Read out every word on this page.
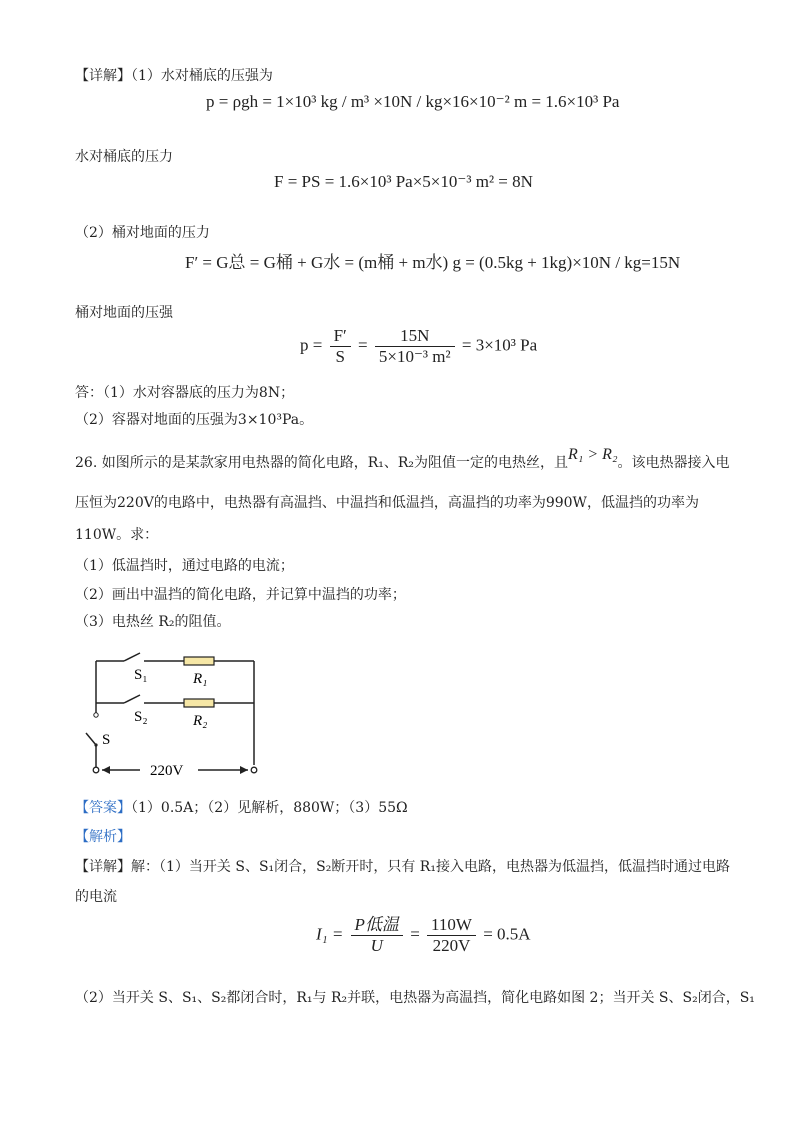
【详解】（1）水对桶底的压强为
p = ρgh = 1×10³ kg / m³ ×10N / kg×16×10⁻² m = 1.6×10³ Pa
水对桶底的压力
F = PS = 1.6×10³ Pa×5×10⁻³ m² = 8N
（2）桶对地面的压力
F′ = G总 = G桶 + G水 = (m桶 + m水) g = (0.5kg + 1kg)×10N / kg=15N
桶对地面的压强
$p = \frac{F'}{S} = \frac{15N}{\text{5×10⁻³ m²}} = 3\times 10^3$ Pa
答：（1）水对容器底的压力为8N；
（2）容器对地面的压强为3×10³Pa。
26. 如图所示的是某款家用电热器的简化电路，R₁、R₂为阻值一定的电热丝，且R₁ > R₂。该电热器接入电
压恒为220V的电路中，电热器有高温挡、中温挡和低温挡，高温挡的功率为990W，低温挡的功率为
110W。求：
（1）低温挡时，通过电路的电流；
（2）画出中温挡的简化电路，并记算中温挡的功率；
（3）电热丝 R₂的阻值。
S₁	R₁
S₂	R₂
S
220V
【答案】（1）0.5A；（2）见解析，880W；（3）55Ω
【解析】
【详解】解：（1）当开关 S、S₁闭合，S₂断开时，只有 R₁接入电路，电热器为低温挡，低温挡时通过电路
的电流
$I_1 = \frac{\text{P低温}}{U} = \frac{110W}{220V} = 0.5A$
（2）当开关 S、S₁、S₂都闭合时，R₁与 R₂并联，电热器为高温挡，简化电路如图 2；当开关 S、S₂闭合，S₁
